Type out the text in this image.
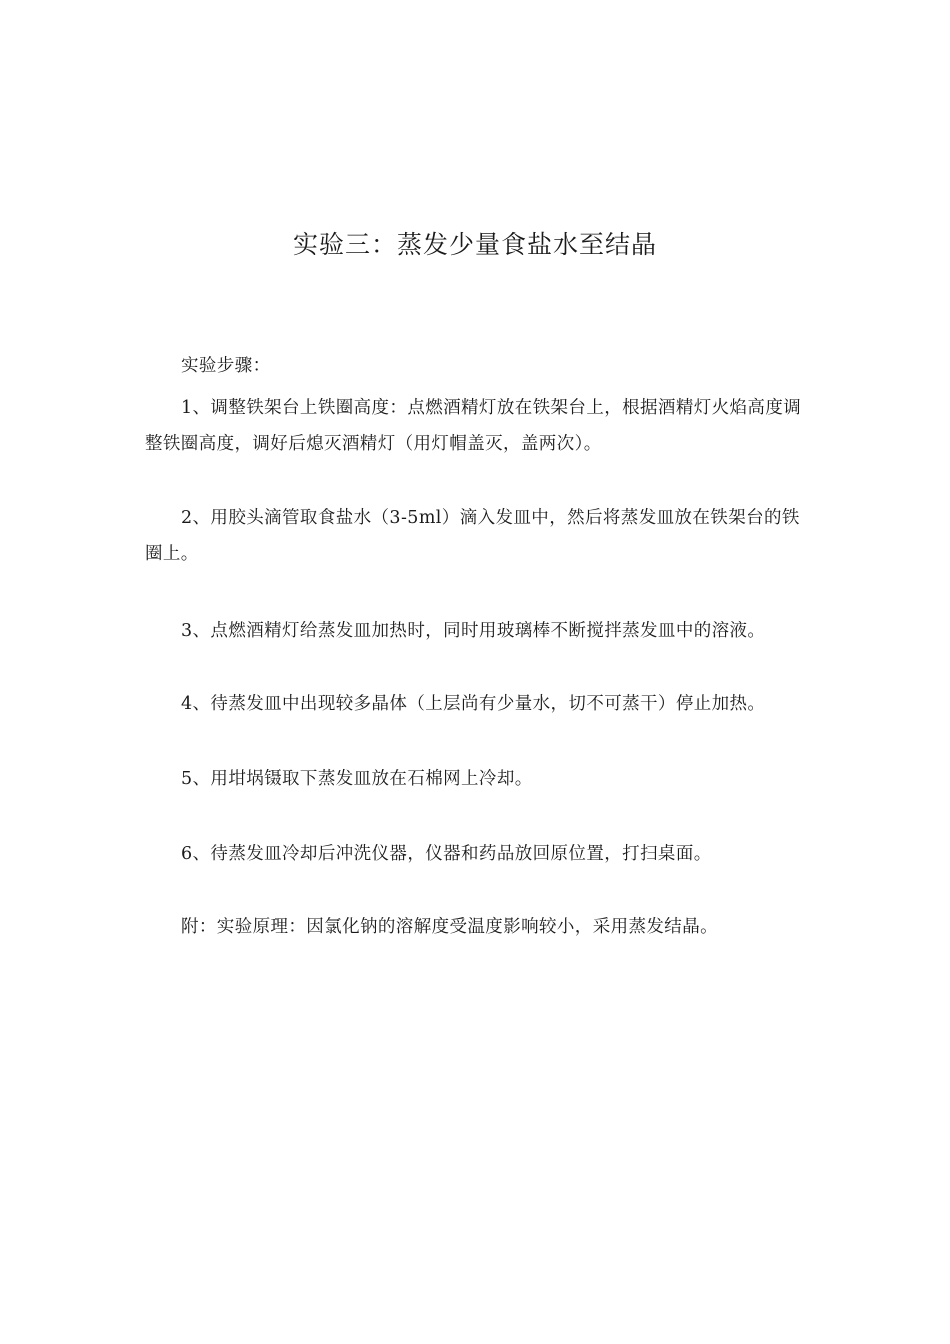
实验三：蒸发少量食盐水至结晶
实验步骤：
1、调整铁架台上铁圈高度：点燃酒精灯放在铁架台上，根据酒精灯火焰高度调整铁圈高度，调好后熄灭酒精灯（用灯帽盖灭，盖两次）。
2、用胶头滴管取食盐水（3-5ml）滴入发皿中，然后将蒸发皿放在铁架台的铁圈上。
3、点燃酒精灯给蒸发皿加热时，同时用玻璃棒不断搅拌蒸发皿中的溶液。
4、待蒸发皿中出现较多晶体（上层尚有少量水，切不可蒸干）停止加热。
5、用坩埚镊取下蒸发皿放在石棉网上冷却。
6、待蒸发皿冷却后冲洗仪器，仪器和药品放回原位置，打扫桌面。
附：实验原理：因氯化钠的溶解度受温度影响较小，采用蒸发结晶。
